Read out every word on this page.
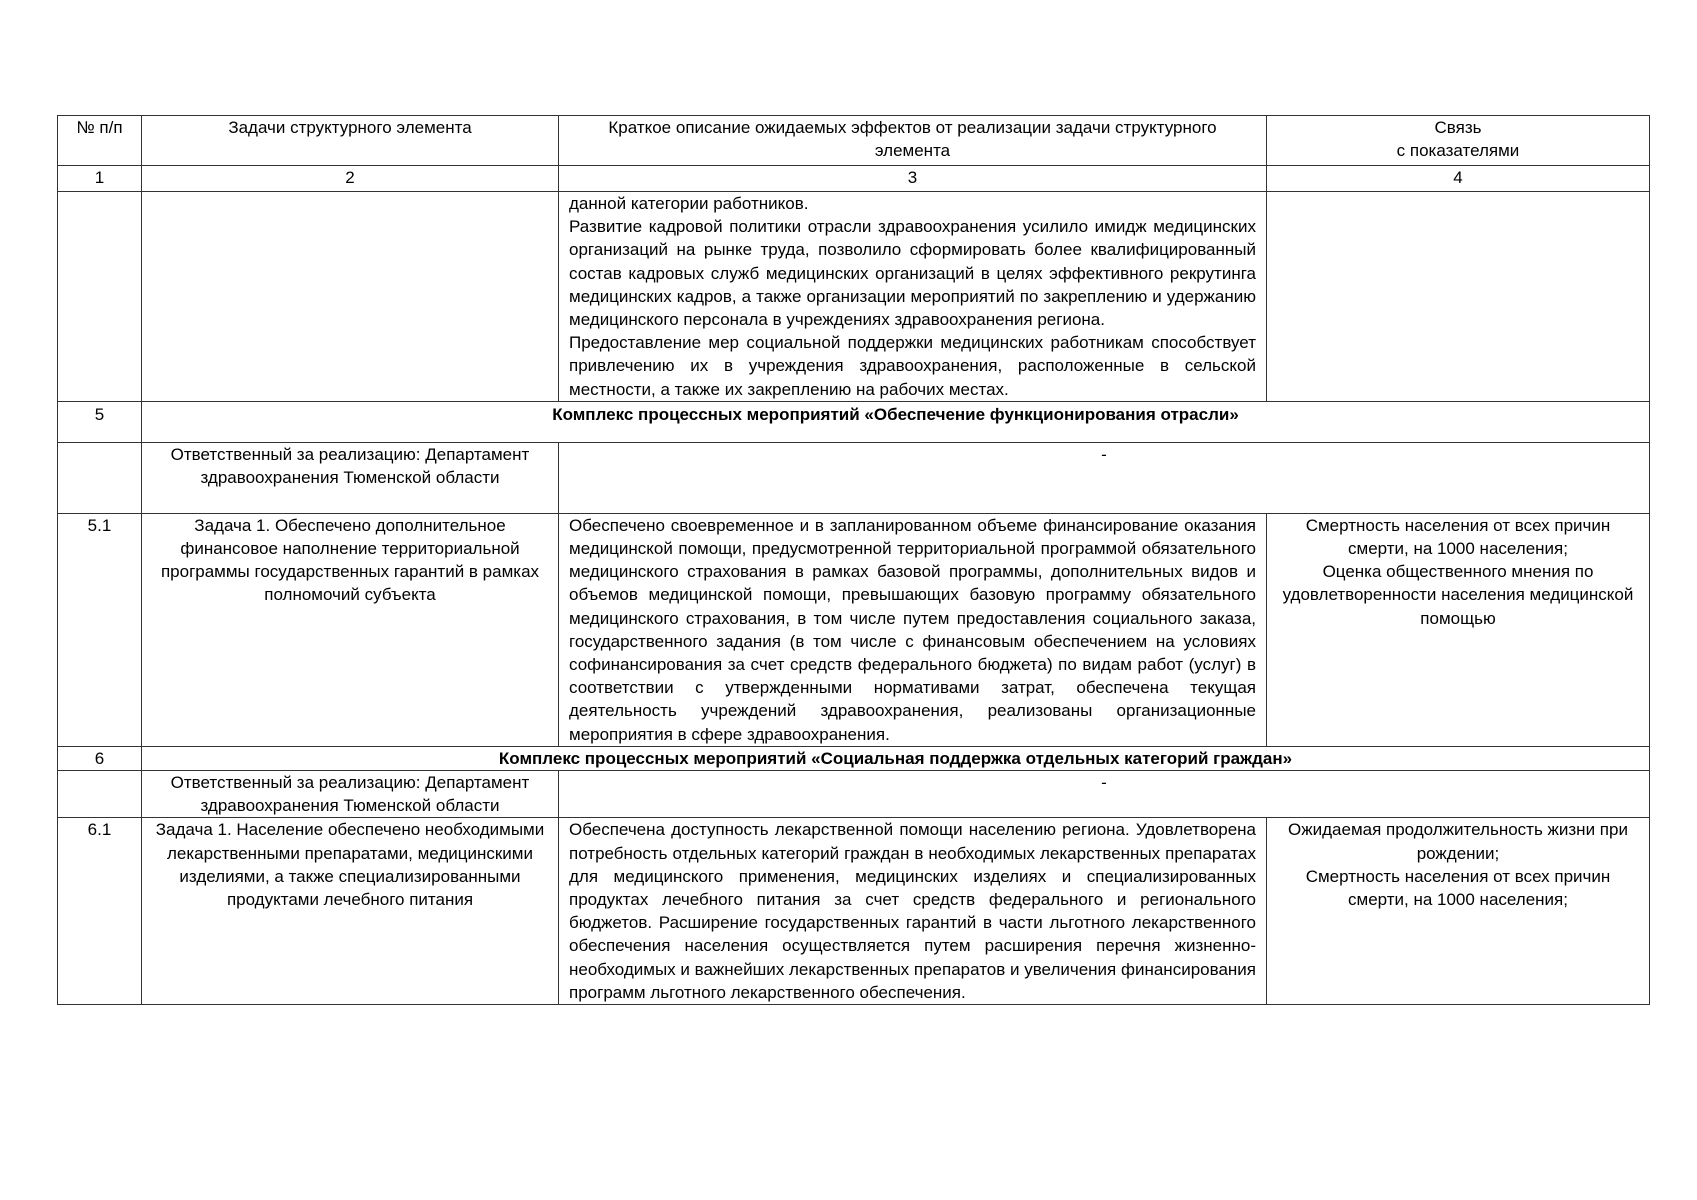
№ п/п	Задачи структурного элемента	Краткое описание ожидаемых эффектов от реализации задачи структурного элемента	Связь
с показателями

1	2	3	4

		данной категории работников.
Развитие кадровой политики отрасли здравоохранения усилило имидж медицинских организаций на рынке труда, позволило сформировать более квалифицированный состав кадровых служб медицинских организаций в целях эффективного рекрутинга медицинских кадров, а также организации мероприятий по закреплению и удержанию медицинского персонала в учреждениях здравоохранения региона.
Предоставление мер социальной поддержки медицинских работникам способствует привлечению их в учреждения здравоохранения, расположенные в сельской местности, а также их закреплению на рабочих местах.	

5	Комплекс процессных мероприятий «Обеспечение функционирования отрасли»		
	Ответственный за реализацию: Департамент здравоохранения Тюменской области	-	
5.1	Задача 1. Обеспечено дополнительное финансовое наполнение территориальной программы государственных гарантий в рамках полномочий субъекта	Обеспечено своевременное и в запланированном объеме финансирование оказания медицинской помощи, предусмотренной территориальной программой обязательного медицинского страхования в рамках базовой программы, дополнительных видов и объемов медицинской помощи, превышающих базовую программу обязательного медицинского страхования, в том числе путем предоставления социального заказа, государственного задания (в том числе с финансовым обеспечением на условиях софинансирования за счет средств федерального бюджета) по видам работ (услуг) в соответствии с утвержденными нормативами затрат, обеспечена текущая деятельность учреждений здравоохранения, реализованы организационные мероприятия в сфере здравоохранения.	Смертность населения от всех причин смерти, на 1000 населения;
Оценка общественного мнения по удовлетворенности населения медицинской помощью

6	Комплекс процессных мероприятий «Социальная поддержка отдельных категорий граждан»		
	Ответственный за реализацию: Департамент здравоохранения Тюменской области	-	
6.1	Задача 1. Население обеспечено необходимыми лекарственными препаратами, медицинскими изделиями, а также специализированными продуктами лечебного питания	Обеспечена доступность лекарственной помощи населению региона. Удовлетворена потребность отдельных категорий граждан в необходимых лекарственных препаратах для медицинского применения, медицинских изделиях и специализированных продуктах лечебного питания за счет средств федерального и регионального бюджетов. Расширение государственных гарантий в части льготного лекарственного обеспечения населения осуществляется путем расширения перечня жизненно-необходимых и важнейших лекарственных препаратов и увеличения финансирования программ льготного лекарственного обеспечения.	Ожидаемая продолжительность жизни при рождении;
Смертность населения от всех причин смерти, на 1000 населения;
